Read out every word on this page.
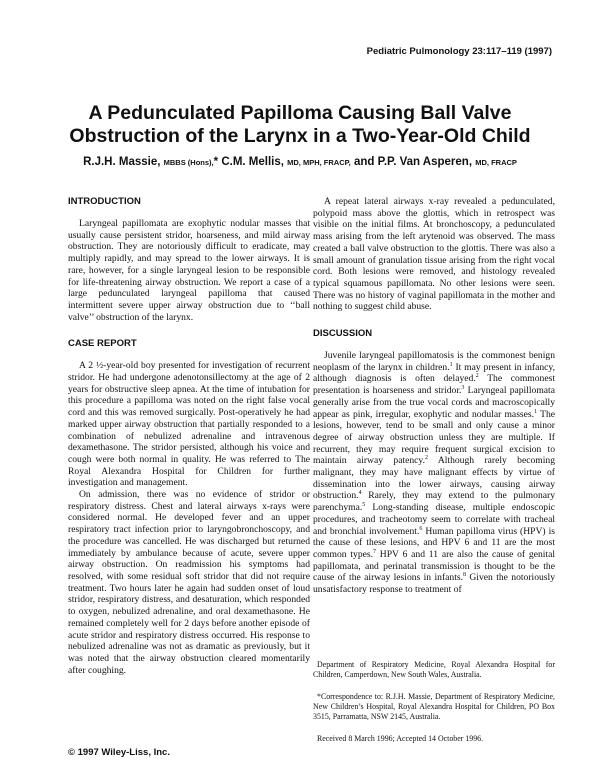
Pediatric Pulmonology 23:117–119 (1997)
A Pedunculated Papilloma Causing Ball Valve
Obstruction of the Larynx in a Two-Year-Old Child
R.J.H. Massie, MBBS (Hons),* C.M. Mellis, MD, MPH, FRACP, and P.P. Van Asperen, MD, FRACP
INTRODUCTION

Laryngeal papillomata are exophytic nodular masses that usually cause persistent stridor, hoarseness, and mild airway obstruction. They are notoriously difficult to eradicate, may multiply rapidly, and may spread to the lower airways. It is rare, however, for a single laryngeal lesion to be responsible for life-threatening airway obstruction. We report a case of a large pedunculated laryngeal papilloma that caused intermittent severe upper airway obstruction due to ‘‘ball valve’’ obstruction of the larynx.

CASE REPORT

A 2 ½-year-old boy presented for investigation of recurrent stridor. He had undergone adenotonsillectomy at the age of 2 years for obstructive sleep apnea. At the time of intubation for this procedure a papilloma was noted on the right false vocal cord and this was removed surgically. Post-operatively he had marked upper airway obstruction that partially responded to a combination of nebulized adrenaline and intravenous dexamethasone. The stridor persisted, although his voice and cough were both normal in quality. He was referred to The Royal Alexandra Hospital for Children for further investigation and management.

On admission, there was no evidence of stridor or respiratory distress. Chest and lateral airways x-rays were considered normal. He developed fever and an upper respiratory tract infection prior to laryngobronchoscopy, and the procedure was cancelled. He was discharged but returned immediately by ambulance because of acute, severe upper airway obstruction. On readmission his symptoms had resolved, with some residual soft stridor that did not require treatment. Two hours later he again had sudden onset of loud stridor, respiratory distress, and desaturation, which responded to oxygen, nebulized adrenaline, and oral dexamethasone. He remained completely well for 2 days before another episode of acute stridor and respiratory distress occurred. His response to nebulized adrenaline was not as dramatic as previously, but it was noted that the airway obstruction cleared momentarily after coughing.

© 1997 Wiley-Liss, Inc.

A repeat lateral airways x-ray revealed a pedunculated, polypoid mass above the glottis, which in retrospect was visible on the initial films. At bronchoscopy, a pedunculated mass arising from the left arytenoid was observed. The mass created a ball valve obstruction to the glottis. There was also a small amount of granulation tissue arising from the right vocal cord. Both lesions were removed, and histology revealed typical squamous papillomata. No other lesions were seen. There was no history of vaginal papillomata in the mother and nothing to suggest child abuse.

DISCUSSION

Juvenile laryngeal papillomatosis is the commonest benign neoplasm of the larynx in children.$^1$ It may present in infancy, although diagnosis is often delayed.$^2$ The commonest presentation is hoarseness and stridor.$^3$ Laryngeal papillomata generally arise from the true vocal cords and macroscopically appear as pink, irregular, exophytic and nodular masses.$^1$ The lesions, however, tend to be small and only cause a minor degree of airway obstruction unless they are multiple. If recurrent, they may require frequent surgical excision to maintain airway patency.$^2$ Although rarely becoming malignant, they may have malignant effects by virtue of dissemination into the lower airways, causing airway obstruction.$^4$ Rarely, they may extend to the pulmonary parenchyma.$^5$ Long-standing disease, multiple endoscopic procedures, and tracheotomy seem to correlate with tracheal and bronchial involvement.$^6$ Human papilloma virus (HPV) is the cause of these lesions, and HPV 6 and 11 are the most common types.$^7$ HPV 6 and 11 are also the cause of genital papillomata, and perinatal transmission is thought to be the cause of the airway lesions in infants.$^8$ Given the notoriously unsatisfactory response to treatment of

Department of Respiratory Medicine, Royal Alexandra Hospital for Children, Camperdown, New South Wales, Australia.
*Correspondence to: R.J.H. Massie, Department of Respiratory Medicine, New Children’s Hospital, Royal Alexandra Hospital for Children, PO Box 3515, Parramatta, NSW 2145, Australia.
Received 8 March 1996; Accepted 14 October 1996.
